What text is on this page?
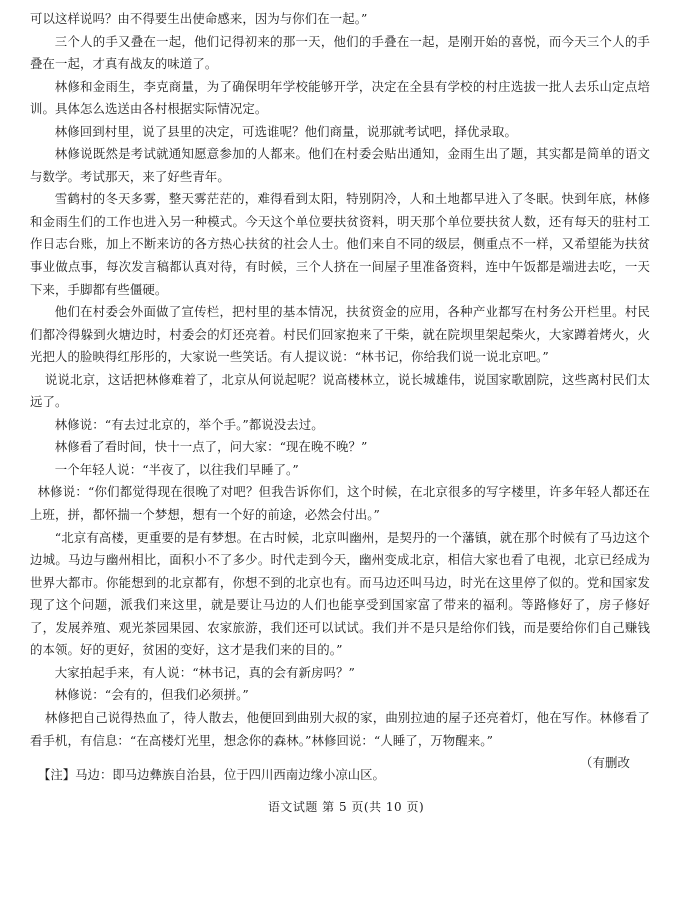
可以这样说吗？由不得要生出使命感来，因为与你们在一起。”

三个人的手又叠在一起，他们记得初来的那一天，他们的手叠在一起，是刚开始的喜悦，而今天三个人的手叠在一起，才真有战友的味道了。

林修和金雨生，李克商量，为了确保明年学校能够开学，决定在全县有学校的村庄选拔一批人去乐山定点培训。具体怎么选送由各村根据实际情况定。

林修回到村里，说了县里的决定，可选谁呢？他们商量，说那就考试吧，择优录取。

林修说既然是考试就通知愿意参加的人都来。他们在村委会贴出通知，金雨生出了题，其实都是简单的语文与数学。考试那天，来了好些青年。

雪鹤村的冬天多雾，整天雾茫茫的，难得看到太阳，特别阴冷，人和土地都早进入了冬眠。快到年底，林修和金雨生们的工作也进入另一种模式。今天这个单位要扶贫资料，明天那个单位要扶贫人数，还有每天的驻村工作日志台账，加上不断来访的各方热心扶贫的社会人士。他们来自不同的级层，侧重点不一样，又希望能为扶贫事业做点事，每次发言稿都认真对待，有时候，三个人挤在一间屋子里准备资料，连中午饭都是端进去吃，一天下来，手脚都有些僵硬。

他们在村委会外面做了宣传栏，把村里的基本情况，扶贫资金的应用，各种产业都写在村务公开栏里。村民们都冷得躲到火塘边时，村委会的灯还亮着。村民们回家抱来了干柴，就在院坝里架起柴火，大家蹲着烤火，火光把人的脸映得红彤彤的，大家说一些笑话。有人提议说：“林书记，你给我们说一说北京吧。”

说说北京，这话把林修难着了，北京从何说起呢？说高楼林立，说长城雄伟，说国家歌剧院，这些离村民们太远了。

林修说：“有去过北京的，举个手。”都说没去过。

林修看了看时间，快十一点了，问大家：“现在晚不晚？”

一个年轻人说：“半夜了，以往我们早睡了。”

林修说：“你们都觉得现在很晚了对吧？但我告诉你们，这个时候，在北京很多的写字楼里，许多年轻人都还在上班，拼，都怀揣一个梦想，想有一个好的前途，必然会付出。”

“北京有高楼，更重要的是有梦想。在古时候，北京叫幽州，是契丹的一个藩镇，就在那个时候有了马边这个边城。马边与幽州相比，面积小不了多少。时代走到今天，幽州变成北京，相信大家也看了电视，北京已经成为世界大都市。你能想到的北京都有，你想不到的北京也有。而马边还叫马边，时光在这里停了似的。党和国家发现了这个问题，派我们来这里，就是要让马边的人们也能享受到国家富了带来的福利。等路修好了，房子修好了，发展养殖、观光茶园果园、农家旅游，我们还可以试试。我们并不是只是给你们钱，而是要给你们自己赚钱的本领。好的更好，贫困的变好，这才是我们来的目的。”

大家拍起手来，有人说：“林书记，真的会有新房吗？”

林修说：“会有的，但我们必须拼。”

林修把自己说得热血了，待人散去，他便回到曲别大叔的家，曲别拉迪的屋子还亮着灯，他在写作。林修看了看手机，有信息：“在高楼灯光里，想念你的森林。”林修回说：“人睡了，万物醒来。”

（有删改

【注】马边：即马边彝族自治县，位于四川西南边缘小凉山区。
语文试题 第 5 页(共 10 页)
